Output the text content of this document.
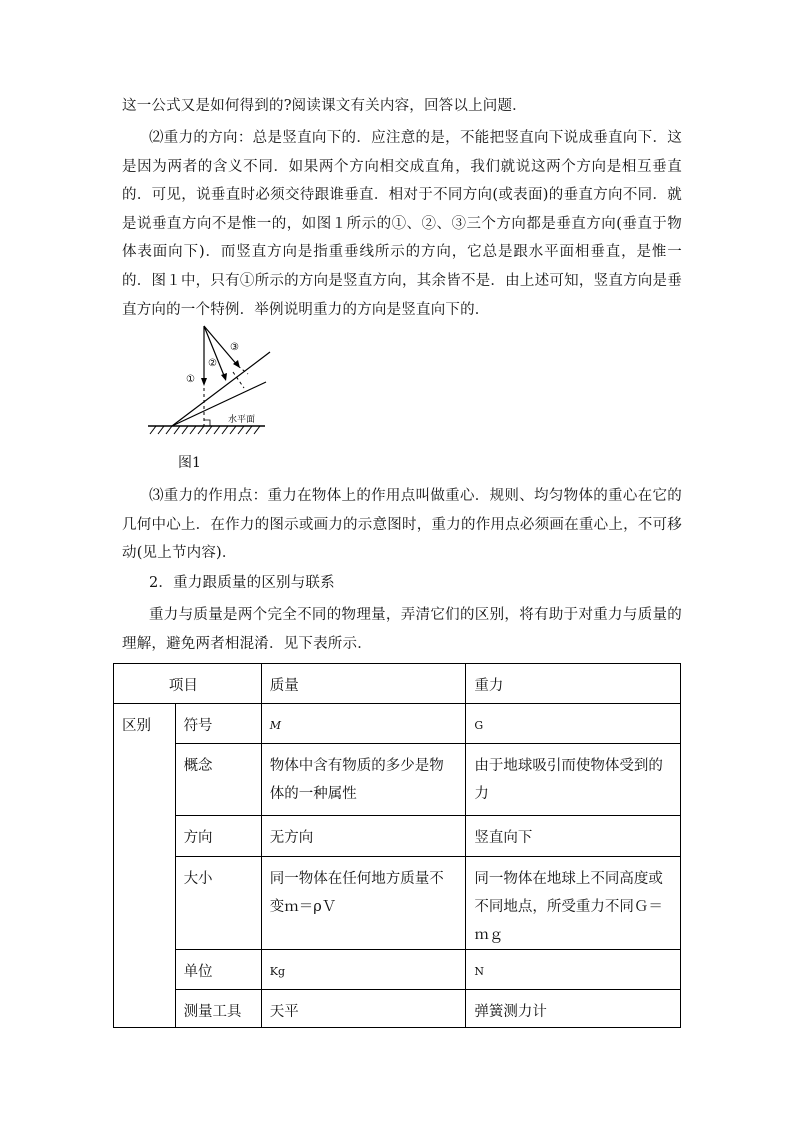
这一公式又是如何得到的?阅读课文有关内容，回答以上问题．

⑵重力的方向：总是竖直向下的．应注意的是，不能把竖直向下说成垂直向下．这是因为两者的含义不同．如果两个方向相交成直角，我们就说这两个方向是相互垂直的．可见，说垂直时必须交待跟谁垂直．相对于不同方向(或表面)的垂直方向不同．就是说垂直方向不是惟一的，如图１所示的①、②、③三个方向都是垂直方向(垂直于物体表面向下)．而竖直方向是指重垂线所示的方向，它总是跟水平面相垂直，是惟一的．图１中，只有①所示的方向是竖直方向，其余皆不是．由上述可知，竖直方向是垂直方向的一个特例．举例说明重力的方向是竖直向下的．

①
②
③
水平面
图1

⑶重力的作用点：重力在物体上的作用点叫做重心．规则、均匀物体的重心在它的几何中心上．在作力的图示或画力的示意图时，重力的作用点必须画在重心上，不可移动(见上节内容)．

2．重力跟质量的区别与联系

重力与质量是两个完全不同的物理量，弄清它们的区别，将有助于对重力与质量的理解，避免两者相混淆．见下表所示．

项目		质量	重力
区别	符号	M	G
	概念	物体中含有物质的多少是物体的一种属性	由于地球吸引而使物体受到的力
	方向	无方向	竖直向下
	大小	同一物体在任何地方质量不变ｍ＝ρＶ	同一物体在地球上不同高度或不同地点，所受重力不同Ｇ＝ｍｇ
	单位	Kg	N
	测量工具	天平	弹簧测力计
